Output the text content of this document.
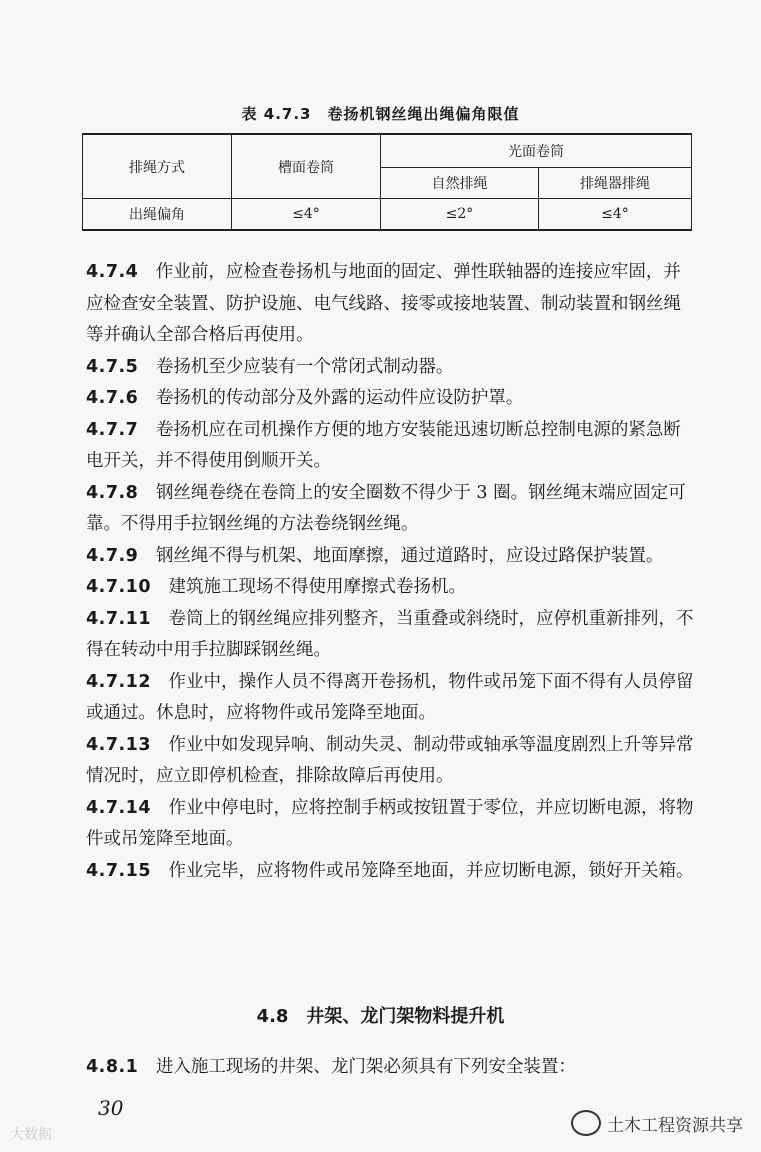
表 4.7.3　卷扬机钢丝绳出绳偏角限值
排绳方式	槽面卷筒	光面卷筒	
		自然排绳	排绳器排绳
出绳偏角	≤4°	≤2°	≤4°

4.7.4　 作业前，应检查卷扬机与地面的固定、弹性联轴器的连接应牢固，并应检查安全装置、防护设施、电气线路、接零或接地装置、制动装置和钢丝绳等并确认全部合格后再使用。

4.7.5　 卷扬机至少应装有一个常闭式制动器。

4.7.6　 卷扬机的传动部分及外露的运动件应设防护罩。

4.7.7　 卷扬机应在司机操作方便的地方安装能迅速切断总控制电源的紧急断电开关，并不得使用倒顺开关。

4.7.8　 钢丝绳卷绕在卷筒上的安全圈数不得少于 3 圈。钢丝绳末端应固定可靠。不得用手拉钢丝绳的方法卷绕钢丝绳。

4.7.9　 钢丝绳不得与机架、地面摩擦，通过道路时，应设过路保护装置。

4.7.10　 建筑施工现场不得使用摩擦式卷扬机。

4.7.11　 卷筒上的钢丝绳应排列整齐，当重叠或斜绕时，应停机重新排列，不得在转动中用手拉脚踩钢丝绳。

4.7.12　 作业中，操作人员不得离开卷扬机，物件或吊笼下面不得有人员停留或通过。休息时，应将物件或吊笼降至地面。

4.7.13　 作业中如发现异响、制动失灵、制动带或轴承等温度剧烈上升等异常情况时，应立即停机检查，排除故障后再使用。

4.7.14　 作业中停电时，应将控制手柄或按钮置于零位，并应切断电源，将物件或吊笼降至地面。

4.7.15　 作业完毕，应将物件或吊笼降至地面，并应切断电源，锁好开关箱。

4.8　井架、龙门架物料提升机

4.8.1　 进入施工现场的井架、龙门架必须具有下列安全装置：

30
土木工程资源共享
大数据
